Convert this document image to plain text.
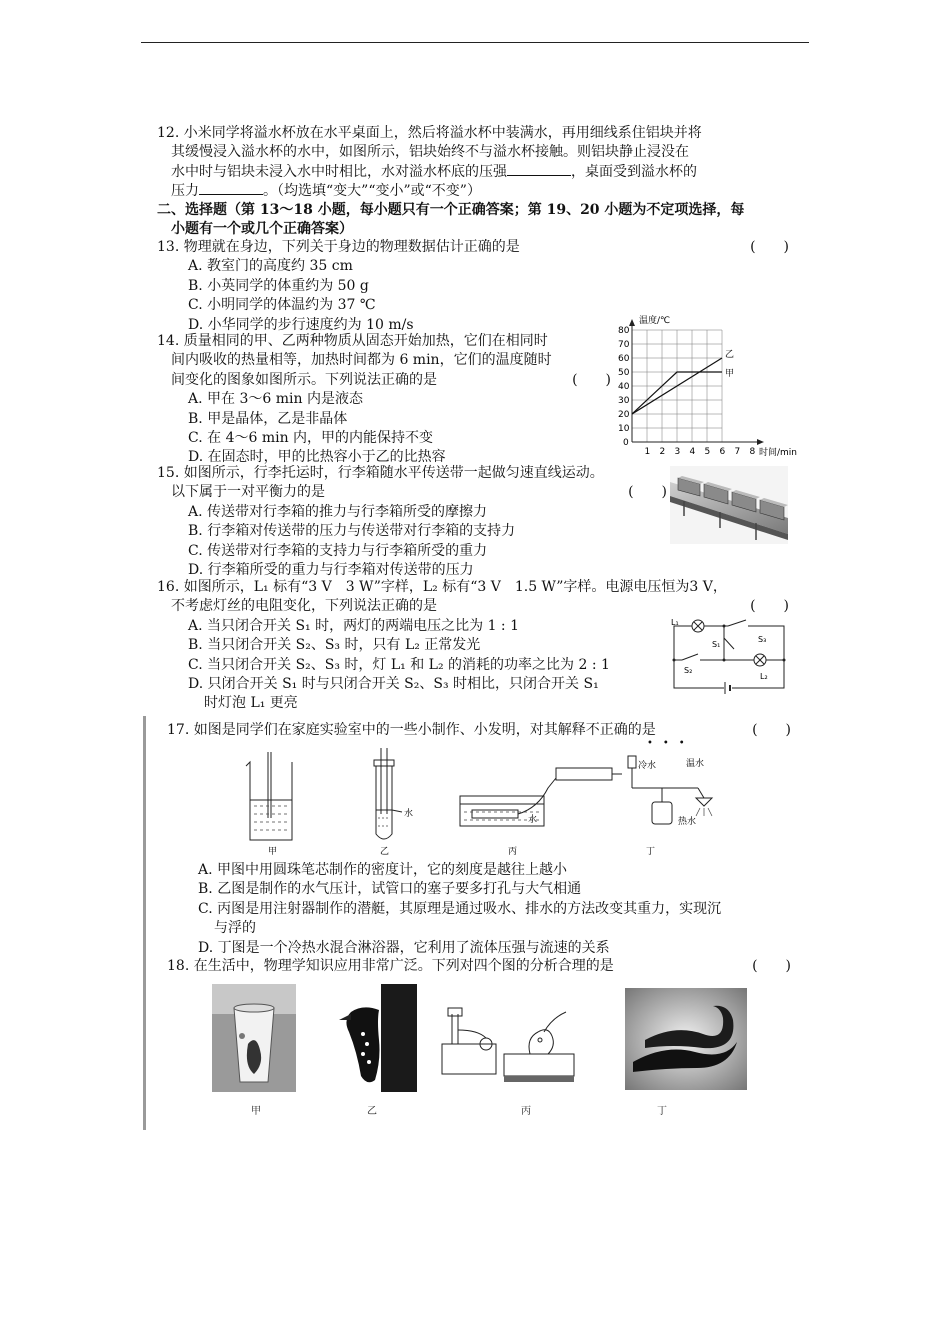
12. 小米同学将溢水杯放在水平桌面上，然后将溢水杯中装满水，再用细线系住铝块并将

其缓慢浸入溢水杯的水中，如图所示，铝块始终不与溢水杯接触。则铝块静止浸没在

水中时与铝块未浸入水中时相比，水对溢水杯底的压强	，桌面受到溢水杯的

压力	。（均选填“变大”“变小”或“不变”）

二、选择题（第 13～18 小题，每小题只有一个正确答案；第 19、20 小题为不定项选择，每

小题有一个或几个正确答案）

13. 物理就在身边，下列关于身边的物理数据估计正确的是	(　　)

A. 教室门的高度约 35 cm

B. 小英同学的体重约为 50 g

C. 小明同学的体温约为 37 ℃

D. 小华同学的步行速度约为 10 m/s

14. 质量相同的甲、乙两种物质从固态开始加热，它们在相同时

间内吸收的热量相等，加热时间都为 6 min，它们的温度随时

间变化的图象如图所示。下列说法正确的是	(　　)

A. 甲在 3～6 min 内是液态

B. 甲是晶体，乙是非晶体

C. 在 4～6 min 内，甲的内能保持不变

D. 在固态时，甲的比热容小于乙的比热容	1 2 3 4 5 6 7 8
0
10
20
30
40
50
60
70
80
乙
甲
温度/℃
时间/min

15. 如图所示，行李托运时，行李箱随水平传送带一起做匀速直线运动。

以下属于一对平衡力的是	(　　)

A. 传送带对行李箱的推力与行李箱所受的摩擦力

B. 行李箱对传送带的压力与传送带对行李箱的支持力

C. 传送带对行李箱的支持力与行李箱所受的重力

D. 行李箱所受的重力与行李箱对传送带的压力

16. 如图所示，L₁ 标有“3 V　3 W”字样，L₂ 标有“3 V　1.5 W”字样。电源电压恒为3 V，

不考虑灯丝的电阻变化，下列说法正确的是	(　　)

A. 当只闭合开关 S₁ 时，两灯的两端电压之比为 1 : 1

B. 当只闭合开关 S₂、S₃ 时，只有 L₂ 正常发光

C. 当只闭合开关 S₂、S₃ 时，灯 L₁ 和 L₂ 的消耗的功率之比为 2 : 1

D. 只闭合开关 S₁ 时与只闭合开关 S₂、S₃ 时相比，只闭合开关 S₁

时灯泡 L₁ 更亮

L₁
L₂
S₁
S₂
S₃

17. 如图是同学们在家庭实验室中的一些小制作、小发明，对其解释不正确的是	(　　)
•••
水
水
冷水	温水
热水
甲	乙	丙	丁

A. 甲图中用圆珠笔芯制作的密度计，它的刻度是越往上越小

B. 乙图是制作的水气压计，试管口的塞子要多打孔与大气相通

C. 丙图是用注射器制作的潜艇，其原理是通过吸水、排水的方法改变其重力，实现沉

与浮的

D. 丁图是一个冷热水混合淋浴器，它利用了流体压强与流速的关系

18. 在生活中，物理学知识应用非常广泛。下列对四个图的分析合理的是	(　　)
甲	乙	丙	丁
